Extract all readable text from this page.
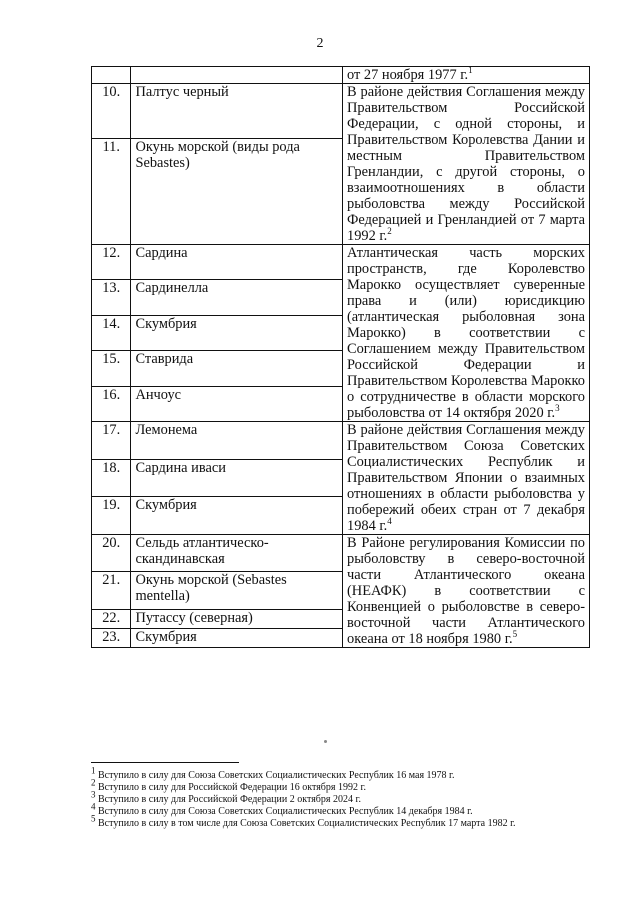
2
		от 27 ноября 1977 г.$^1$
10.	Палтус черный	В районе действия Соглашения между Правительством Российской Федерации, с одной стороны, и Правительством Королевства Дании и местным Правительством Гренландии, с другой стороны, о взаимоотношениях в области рыболовства между Российской Федерацией и Гренландией от 7 марта 1992 г.$^2$
11.	Окунь морской (виды рода Sebastes)	
12.	Сардина	Атлантическая часть морских пространств, где Королевство Марокко осуществляет суверенные права и (или) юрисдикцию (атлантическая рыболовная зона Марокко) в соответствии с Соглашением между Правительством Российской Федерации и Правительством Королевства Марокко о сотрудничестве в области морского рыболовства от 14 октября 2020 г.$^3$
13.	Сардинелла	
14.	Скумбрия	
15.	Ставрида	
16.	Анчоус	
17.	Лемонема	В районе действия Соглашения между Правительством Союза Советских Социалистических Республик и Правительством Японии о взаимных отношениях в области рыболовства у побережий обеих стран от 7 декабря 1984 г.$^4$
18.	Сардина иваси	
19.	Скумбрия	
20.	Сельдь атлантическо-скандинавская	В Районе регулирования Комиссии по рыболовству в северо-восточной части Атлантического океана (НЕАФК) в соответствии с Конвенцией о рыболовстве в северо-восточной части Атлантического океана от 18 ноября 1980 г.$^5$
21.	Окунь морской (Sebastes mentella)	
22.	Путассу (северная)	
23.	Скумбрия	
$^1$ Вступило в силу для Союза Советских Социалистических Республик 16 мая 1978 г.
$^2$ Вступило в силу для Российской Федерации 16 октября 1992 г.
$^3$ Вступило в силу для Российской Федерации 2 октября 2024 г.
$^4$ Вступило в силу для Союза Советских Социалистических Республик 14 декабря 1984 г.
$^5$ Вступило в силу в том числе для Союза Советских Социалистических Республик 17 марта 1982 г.
